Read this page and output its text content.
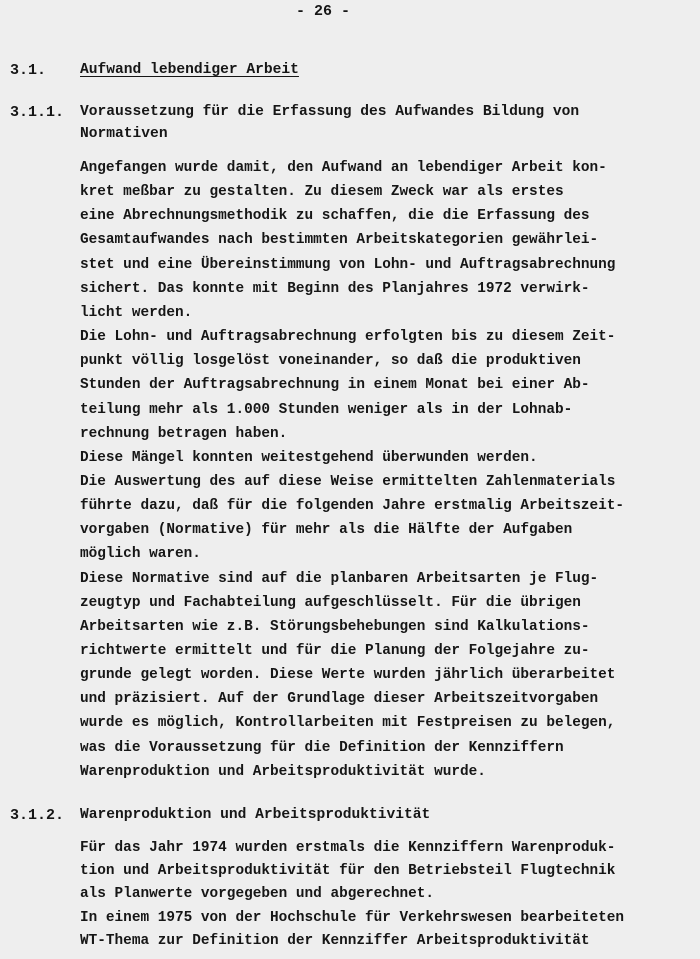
- 26 -
3.1. Aufwand lebendiger Arbeit
3.1.1. Voraussetzung für die Erfassung des Aufwandes Bildung von
Normativen
Angefangen wurde damit, den Aufwand an lebendiger Arbeit kon-
kret meßbar zu gestalten. Zu diesem Zweck war als erstes
eine Abrechnungsmethodik zu schaffen, die die Erfassung des
Gesamtaufwandes nach bestimmten Arbeitskategorien gewährlei-
stet und eine Übereinstimmung von Lohn- und Auftragsabrechnung
sichert. Das konnte mit Beginn des Planjahres 1972 verwirk-
licht werden.
Die Lohn- und Auftragsabrechnung erfolgten bis zu diesem Zeit-
punkt völlig losgelöst voneinander, so daß die produktiven
Stunden der Auftragsabrechnung in einem Monat bei einer Ab-
teilung mehr als 1.000 Stunden weniger als in der Lohnab-
rechnung betragen haben.
Diese Mängel konnten weitestgehend überwunden werden.
Die Auswertung des auf diese Weise ermittelten Zahlenmaterials
führte dazu, daß für die folgenden Jahre erstmalig Arbeitszeit-
vorgaben (Normative) für mehr als die Hälfte der Aufgaben
möglich waren.
Diese Normative sind auf die planbaren Arbeitsarten je Flug-
zeugtyp und Fachabteilung aufgeschlüsselt. Für die übrigen
Arbeitsarten wie z.B. Störungsbehebungen sind Kalkulations-
richtwerte ermittelt und für die Planung der Folgejahre zu-
grunde gelegt worden. Diese Werte wurden jährlich überarbeitet
und präzisiert. Auf der Grundlage dieser Arbeitszeitvorgaben
wurde es möglich, Kontrollarbeiten mit Festpreisen zu belegen,
was die Voraussetzung für die Definition der Kennziffern
Warenproduktion und Arbeitsproduktivität wurde.
3.1.2. Warenproduktion und Arbeitsproduktivität
Für das Jahr 1974 wurden erstmals die Kennziffern Warenproduk-
tion und Arbeitsproduktivität für den Betriebsteil Flugtechnik
als Planwerte vorgegeben und abgerechnet.
In einem 1975 von der Hochschule für Verkehrswesen bearbeiteten
WT-Thema zur Definition der Kennziffer Arbeitsproduktivität
